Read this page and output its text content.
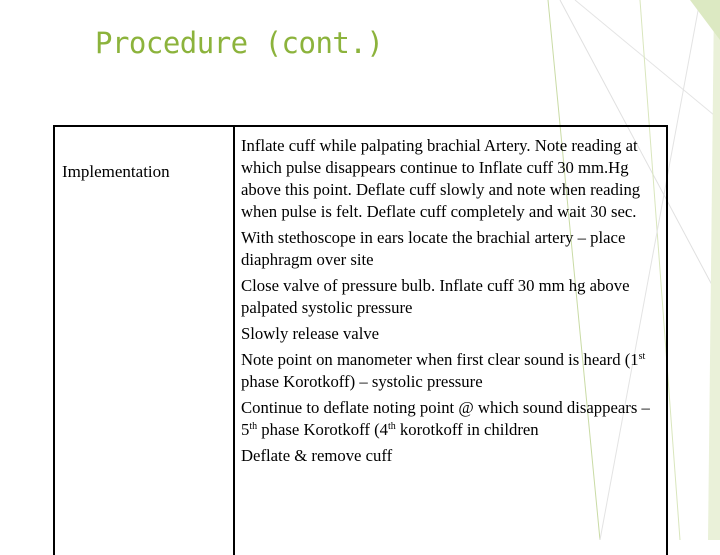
Procedure (cont.)
Implementation

Inflate cuff while palpating brachial Artery. Note reading at which pulse disappears continue to Inflate cuff 30 mm.Hg above this point. Deflate cuff slowly and note when reading when pulse is felt. Deflate cuff completely and wait 30 sec.

With stethoscope in ears locate the brachial artery – place diaphragm over site

Close valve of pressure bulb. Inflate cuff 30 mm hg above palpated systolic pressure

Slowly release valve

Note point on manometer when first clear sound is heard (1st phase Korotkoff) – systolic pressure

Continue to deflate noting point @ which sound disappears – 5th phase Korotkoff (4th korotkoff in children

Deflate & remove cuff
